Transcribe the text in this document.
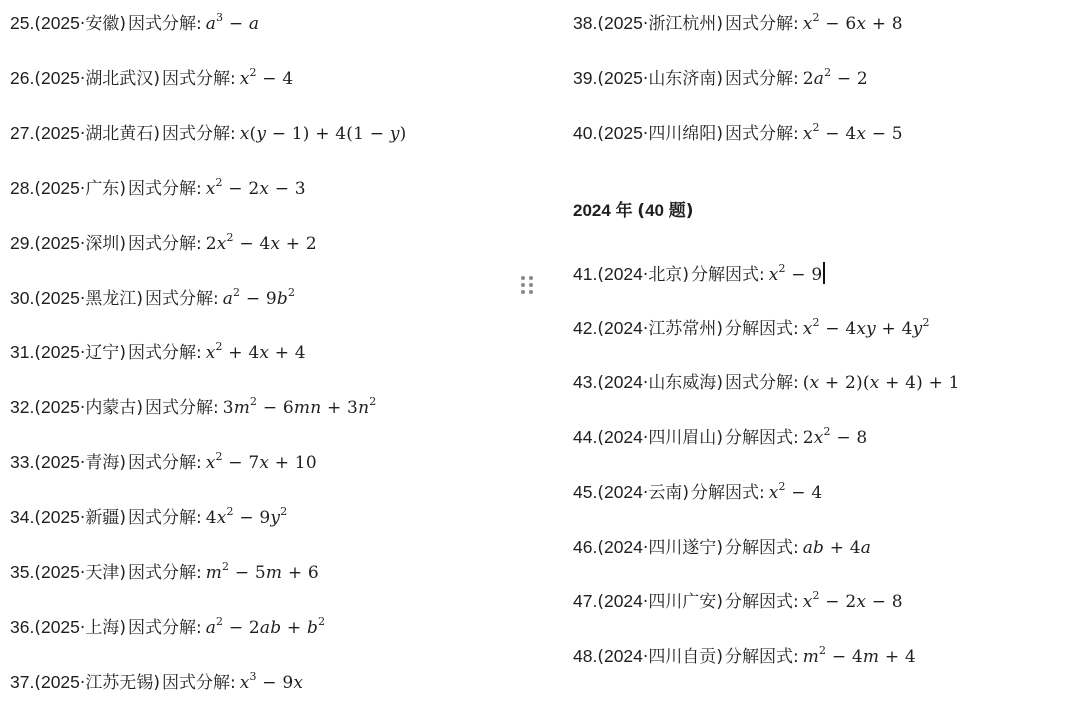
25. (2025·安徽) 因式分解: $a^3 - a$
26. (2025·湖北武汉) 因式分解: $x^2 - 4$
27. (2025·湖北黄石) 因式分解: x(y − 1) + 4(1 − y)
28. (2025·广东) 因式分解: $x^2 - 2x - 3$
29. (2025·深圳) 因式分解: $2x^2 - 4x + 2$
30. (2025·黑龙江) 因式分解: $a^2 - 9b^2$
31. (2025·辽宁) 因式分解: $x^2 + 4x + 4$
32. (2025·内蒙古) 因式分解: $3m^2 - 6mn + 3n^2$
33. (2025·青海) 因式分解: $x^2 - 7x + 10$
34. (2025·新疆) 因式分解: $4x^2 - 9y^2$
35. (2025·天津) 因式分解: $m^2 - 5m + 6$
36. (2025·上海) 因式分解: $a^2 - 2ab + b^2$
37. (2025·江苏无锡) 因式分解: $x^3 - 9x$
2024 年 (40 题)
38. (2025·浙江杭州) 因式分解: $x^2 - 6x + 8$
39. (2025·山东济南) 因式分解: $2a^2 - 2$
40. (2025·四川绵阳) 因式分解: $x^2 - 4x - 5$
41. (2024·北京) 分解因式: $x^2 - 9$
42. (2024·江苏常州) 分解因式: $x^2 - 4xy + 4y^2$
43. (2024·山东威海) 因式分解: (x + 2)(x + 4) + 1
44. (2024·四川眉山) 分解因式: $2x^2 - 8$
45. (2024·云南) 分解因式: $x^2 - 4$
46. (2024·四川遂宁) 分解因式: ab + 4a
47. (2024·四川广安) 分解因式: $x^2 - 2x - 8$
48. (2024·四川自贡) 分解因式: $m^2 - 4m + 4$
